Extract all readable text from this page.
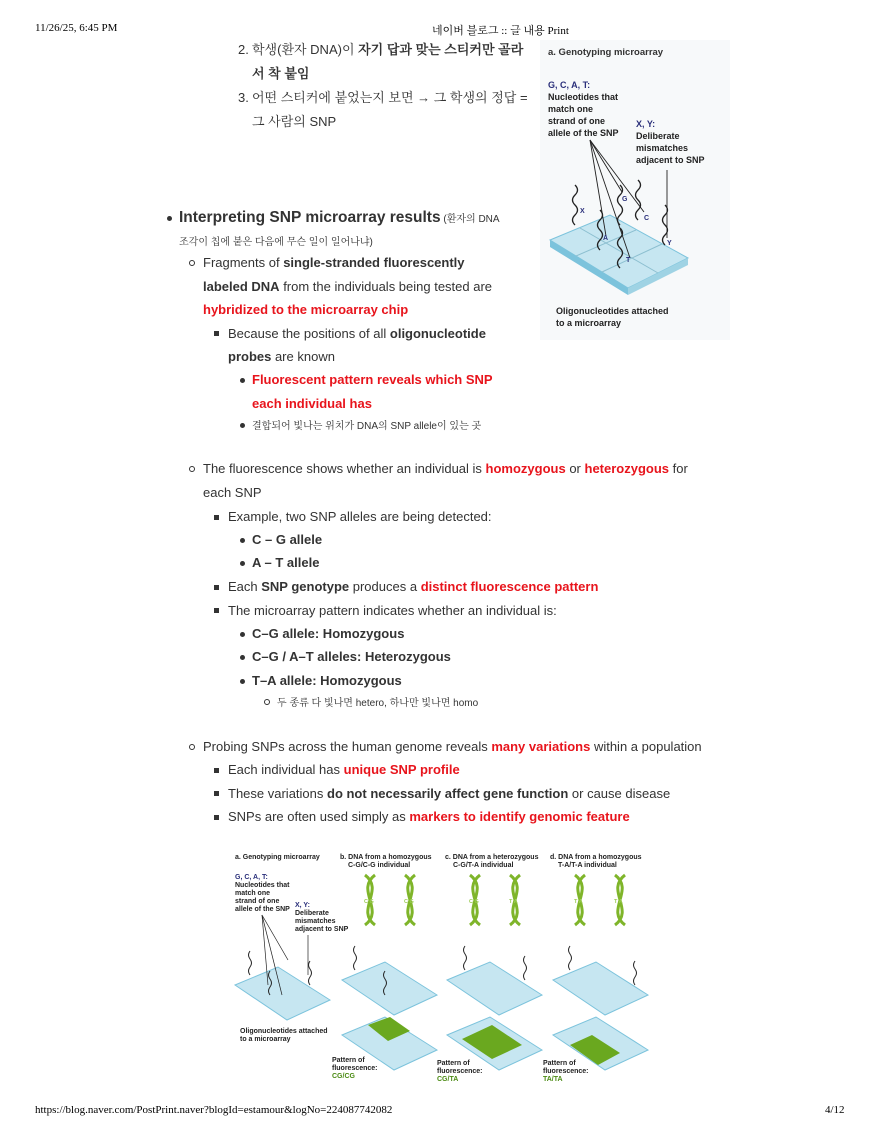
11/26/25, 6:45 PM	네이버 블로그 :: 글 내용 Print
2.
3.
학생(환자 DNA)이 자기 답과 맞는 스티커만 골라
서 착 붙임
어떤 스티커에 붙었는지 보면 → 그 학생의 정답 =
그 사람의 SNP
Interpreting SNP microarray results (환자의 DNA
조각이 칩에 붙은 다음에 무슨 일이 일어나냐)
Fragments of single-stranded fluorescently
labeled DNA from the individuals being tested are
hybridized to the microarray chip
Because the positions of all oligonucleotide
probes are known
Fluorescent pattern reveals which SNP
each individual has
결합되어 빛나는 위치가 DNA의 SNP allele이 있는 곳
The fluorescence shows whether an individual is homozygous or heterozygous for
each SNP
Example, two SNP alleles are being detected:
C – G allele
A – T allele
Each SNP genotype produces a distinct fluorescence pattern
The microarray pattern indicates whether an individual is:
C–G allele: Homozygous
C–G / A–T alleles: Heterozygous
T–A allele: Homozygous
두 종류 다 빛나면 hetero, 하나만 빛나면 homo
Probing SNPs across the human genome reveals many variations within a population
Each individual has unique SNP profile
These variations do not necessarily affect gene function or cause disease
SNPs are often used simply as markers to identify genomic feature
a. Genotyping microarray
G, C, A, T:
Nucleotides that
match one
strand of one
allele of the SNP
X, Y:
Deliberate
mismatches
adjacent to SNP
X
G
A
C
T
Y
Oligonucleotides attached
to a microarray
a. Genotyping microarray	b. DNA from a homozygous
C-G/C-G individual
c. DNA from a heterozygous
C-G/T-A individual
d. DNA from a homozygous
T-A/T-A individual
G, C, A, T:
Nucleotides that
match one
strand of one
allele of the SNP
X, Y:
Deliberate
mismatches
adjacent to SNP
Oligonucleotides attached
to a microarray
Pattern of
fluorescence:
CG/CG
Pattern of
fluorescence:
CG/TA
Pattern of
fluorescence:
TA/TA
C G	C G	C G	T A	T A	T A
https://blog.naver.com/PostPrint.naver?blogId=estamour&logNo=224087742082	4/12
